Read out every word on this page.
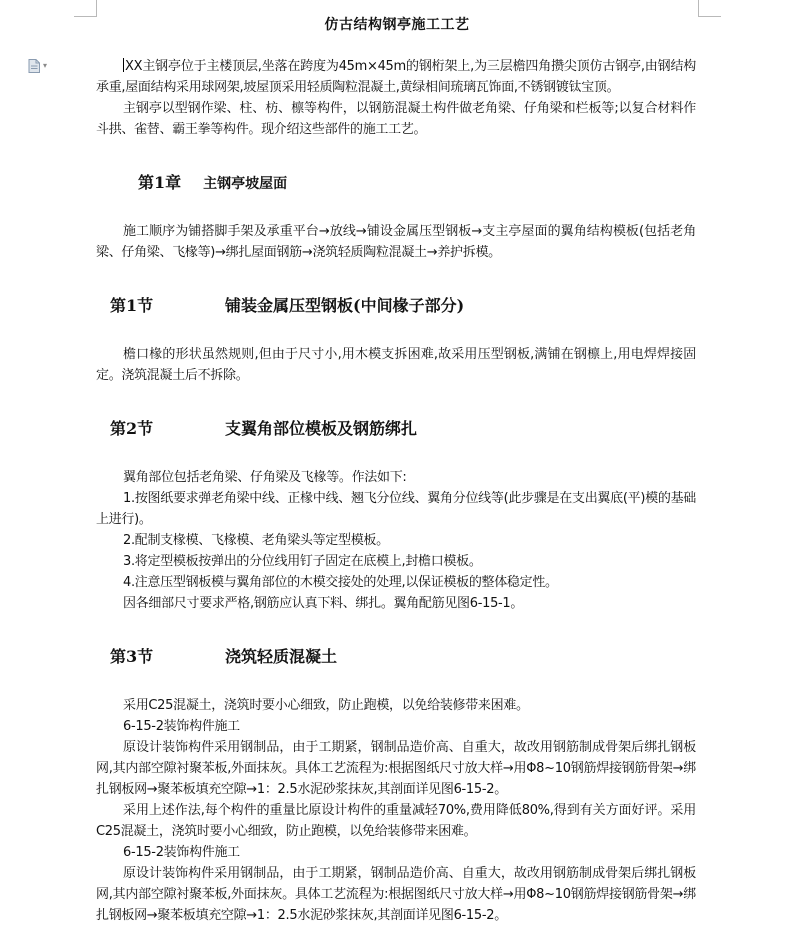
▾
仿古结构钢亭施工工艺

XX主钢亭位于主楼顶层,坐落在跨度为45m×45m的钢桁架上,为三层檐四角攒尖顶仿古钢亭,由钢结构承重,屋面结构采用球网架,坡屋顶采用轻质陶粒混凝土,黄绿相间琉璃瓦饰面,不锈钢镀钛宝顶。

主钢亭以型钢作梁、柱、枋、檩等构件，以钢筋混凝土构件做老角梁、仔角梁和栏板等;以复合材料作斗拱、雀替、霸王拳等构件。现介绍这些部件的施工工艺。

第1章 主钢亭坡屋面

施工顺序为铺搭脚手架及承重平台→放线→铺设金属压型钢板→支主亭屋面的翼角结构模板(包括老角梁、仔角梁、飞椽等)→绑扎屋面钢筋→浇筑轻质陶粒混凝土→养护拆模。

第1节	铺装金属压型钢板(中间椽子部分)

檐口椽的形状虽然规则,但由于尺寸小,用木模支拆困难,故采用压型钢板,满铺在钢檩上,用电焊焊接固定。浇筑混凝土后不拆除。

第2节	支翼角部位模板及钢筋绑扎

翼角部位包括老角梁、仔角梁及飞椽等。作法如下:

1.按图纸要求弹老角梁中线、正椽中线、翘飞分位线、翼角分位线等(此步骤是在支出翼底(平)模的基础上进行)。

2.配制支椽模、飞椽模、老角梁头等定型模板。

3.将定型模板按弹出的分位线用钉子固定在底模上,封檐口模板。

4.注意压型钢板模与翼角部位的木模交接处的处理,以保证模板的整体稳定性。

因各细部尺寸要求严格,钢筋应认真下料、绑扎。翼角配筋见图6-15-1。

第3节	浇筑轻质混凝土

采用C25混凝土，浇筑时要小心细致，防止跑模，以免给装修带来困难。

6-15-2装饰构件施工

原设计装饰构件采用钢制品，由于工期紧，钢制品造价高、自重大，故改用钢筋制成骨架后绑扎钢板网,其内部空隙衬聚苯板,外面抹灰。具体工艺流程为:根据图纸尺寸放大样→用Φ8~10钢筋焊接钢筋骨架→绑扎钢板网→聚苯板填充空隙→1：2.5水泥砂浆抹灰,其剖面详见图6-15-2。

采用上述作法,每个构件的重量比原设计构件的重量减轻70%,费用降低80%,得到有关方面好评。采用C25混凝土，浇筑时要小心细致，防止跑模，以免给装修带来困难。

6-15-2装饰构件施工

原设计装饰构件采用钢制品，由于工期紧，钢制品造价高、自重大，故改用钢筋制成骨架后绑扎钢板网,其内部空隙衬聚苯板,外面抹灰。具体工艺流程为:根据图纸尺寸放大样→用Φ8~10钢筋焊接钢筋骨架→绑扎钢板网→聚苯板填充空隙→1：2.5水泥砂浆抹灰,其剖面详见图6-15-2。
